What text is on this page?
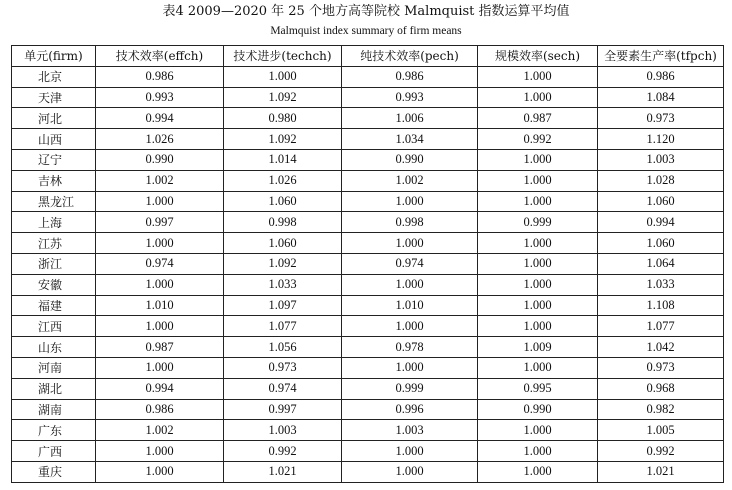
表4 2009—2020 年 25 个地方高等院校 Malmquist 指数运算平均值
Malmquist index summary of firm means
单元(firm)	技术效率(effch)	技术进步(techch)	纯技术效率(pech)	规模效率(sech)	全要素生产率(tfpch)
北京	0.986	1.000	0.986	1.000	0.986
天津	0.993	1.092	0.993	1.000	1.084
河北	0.994	0.980	1.006	0.987	0.973
山西	1.026	1.092	1.034	0.992	1.120
辽宁	0.990	1.014	0.990	1.000	1.003
吉林	1.002	1.026	1.002	1.000	1.028
黑龙江	1.000	1.060	1.000	1.000	1.060
上海	0.997	0.998	0.998	0.999	0.994
江苏	1.000	1.060	1.000	1.000	1.060
浙江	0.974	1.092	0.974	1.000	1.064
安徽	1.000	1.033	1.000	1.000	1.033
福建	1.010	1.097	1.010	1.000	1.108
江西	1.000	1.077	1.000	1.000	1.077
山东	0.987	1.056	0.978	1.009	1.042
河南	1.000	0.973	1.000	1.000	0.973
湖北	0.994	0.974	0.999	0.995	0.968
湖南	0.986	0.997	0.996	0.990	0.982
广东	1.002	1.003	1.003	1.000	1.005
广西	1.000	0.992	1.000	1.000	0.992
重庆	1.000	1.021	1.000	1.000	1.021
